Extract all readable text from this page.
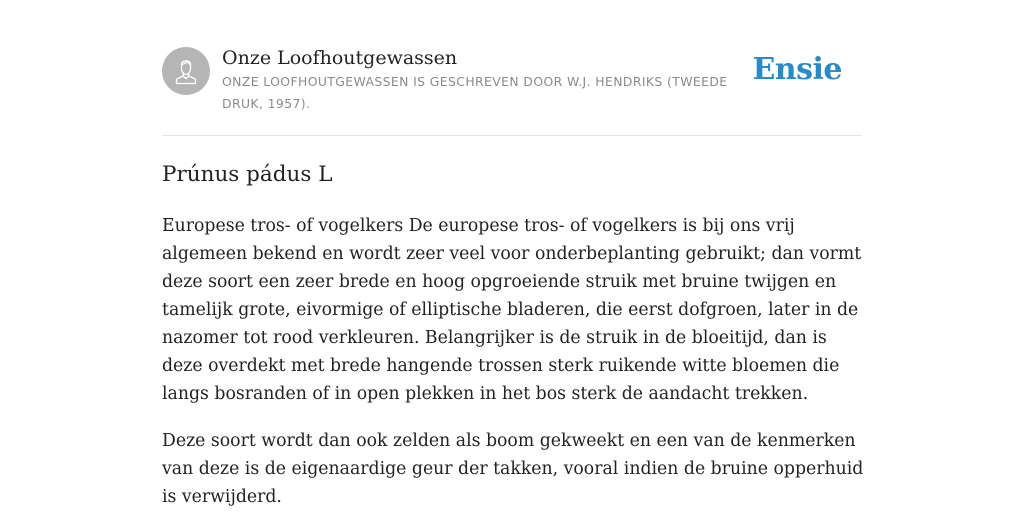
Onze Loofhoutgewassen
ONZE LOOFHOUTGEWASSEN IS GESCHREVEN DOOR W.J. HENDRIKS (TWEEDE DRUK, 1957).
Ensie
Prúnus pádus L

Europese tros- of vogelkers De europese tros- of vogelkers is bij ons vrij algemeen bekend en wordt zeer veel voor onderbeplanting gebruikt; dan vormt deze soort een zeer brede en hoog opgroeiende struik met bruine twijgen en tamelijk grote, eivormige of elliptische bladeren, die eerst dofgroen, later in de nazomer tot rood verkleuren. Belangrijker is de struik in de bloeitijd, dan is deze overdekt met brede hangende trossen sterk ruikende witte bloemen die langs bosranden of in open plekken in het bos sterk de aandacht trekken.

Deze soort wordt dan ook zelden als boom gekweekt en een van de kenmerken van deze is de eigenaardige geur der takken, vooral indien de bruine opperhuid is verwijderd.
